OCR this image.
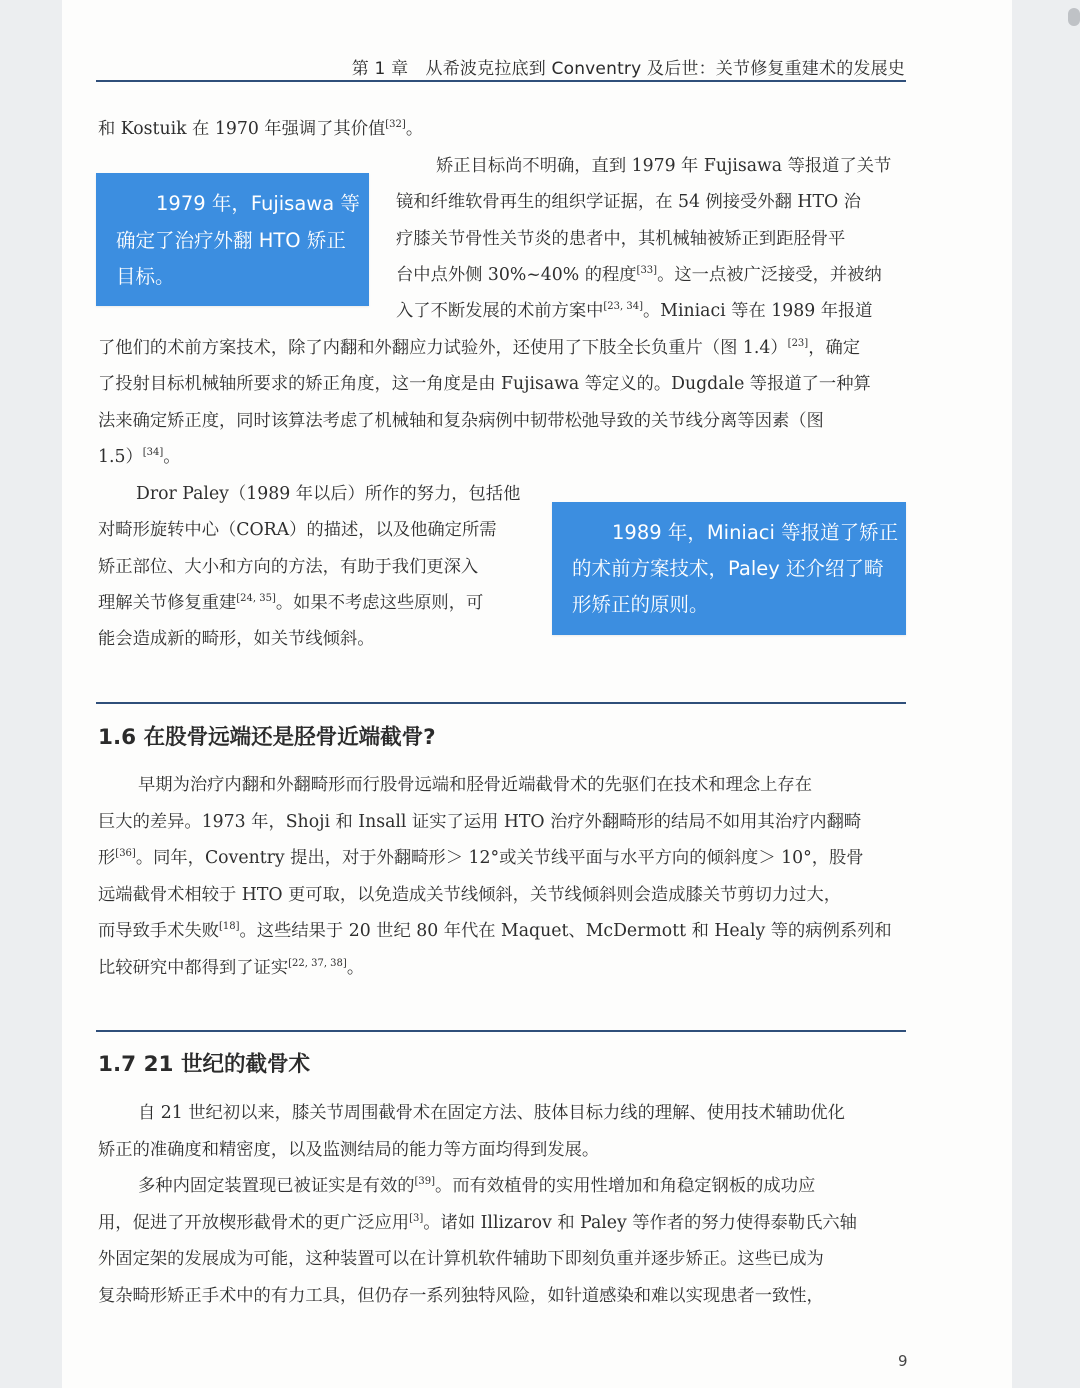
第 1 章　从希波克拉底到 Conventry 及后世：关节修复重建术的发展史
1979 年，Fujisawa 等
确定了治疗外翻 HTO 矫正
目标。
1989 年，Miniaci 等报道了矫正
的术前方案技术，Paley 还介绍了畸
形矫正的原则。
和 Kostuik 在 1970 年强调了其价值[32]。
矫正目标尚不明确，直到 1979 年 Fujisawa 等报道了关节
镜和纤维软骨再生的组织学证据，在 54 例接受外翻 HTO 治
疗膝关节骨性关节炎的患者中，其机械轴被矫正到距胫骨平
台中点外侧 30%~40% 的程度[33]。这一点被广泛接受，并被纳
入了不断发展的术前方案中[23, 34]。Miniaci 等在 1989 年报道
了他们的术前方案技术，除了内翻和外翻应力试验外，还使用了下肢全长负重片（图 1.4）[23]，确定
了投射目标机械轴所要求的矫正角度，这一角度是由 Fujisawa 等定义的。Dugdale 等报道了一种算
法来确定矫正度，同时该算法考虑了机械轴和复杂病例中韧带松弛导致的关节线分离等因素（图
1.5）[34]。
Dror Paley（1989 年以后）所作的努力，包括他
对畸形旋转中心（CORA）的描述，以及他确定所需
矫正部位、大小和方向的方法，有助于我们更深入
理解关节修复重建[24, 35]。如果不考虑这些原则，可
能会造成新的畸形，如关节线倾斜。
1.6 在股骨远端还是胫骨近端截骨?
早期为治疗内翻和外翻畸形而行股骨远端和胫骨近端截骨术的先驱们在技术和理念上存在
巨大的差异。1973 年，Shoji 和 Insall 证实了运用 HTO 治疗外翻畸形的结局不如用其治疗内翻畸
形[36]。同年，Coventry 提出，对于外翻畸形＞ 12°或关节线平面与水平方向的倾斜度＞ 10°，股骨
远端截骨术相较于 HTO 更可取，以免造成关节线倾斜，关节线倾斜则会造成膝关节剪切力过大，
而导致手术失败[18]。这些结果于 20 世纪 80 年代在 Maquet、McDermott 和 Healy 等的病例系列和
比较研究中都得到了证实[22, 37, 38]。
1.7 21 世纪的截骨术
自 21 世纪初以来，膝关节周围截骨术在固定方法、肢体目标力线的理解、使用技术辅助优化
矫正的准确度和精密度，以及监测结局的能力等方面均得到发展。
多种内固定装置现已被证实是有效的[39]。而有效植骨的实用性增加和角稳定钢板的成功应
用，促进了开放楔形截骨术的更广泛应用[3]。诸如 Illizarov 和 Paley 等作者的努力使得泰勒氏六轴
外固定架的发展成为可能，这种装置可以在计算机软件辅助下即刻负重并逐步矫正。这些已成为
复杂畸形矫正手术中的有力工具，但仍存一系列独特风险，如针道感染和难以实现患者一致性，
9
